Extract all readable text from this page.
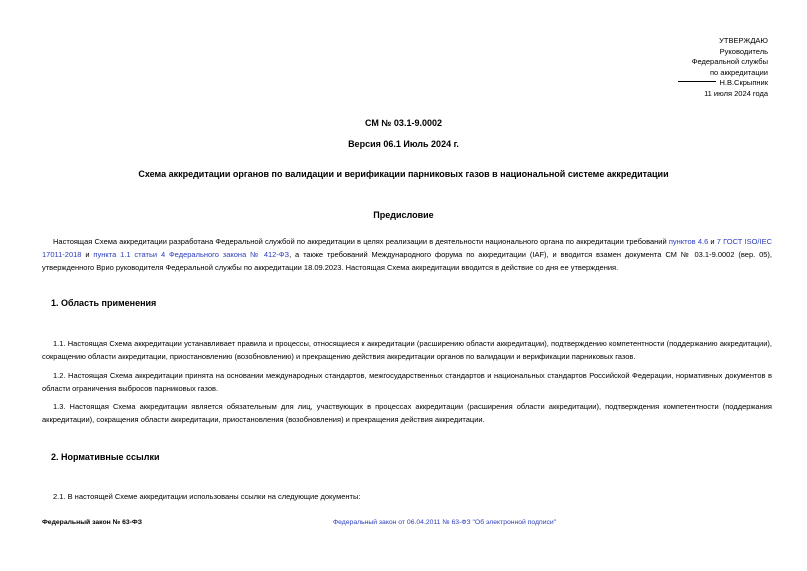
УТВЕРЖДАЮ
Руководитель
Федеральной службы
по аккредитации
Н.В.Скрыпник
11 июля 2024 года
СМ № 03.1-9.0002
Версия 06.1 Июль 2024 г.
Схема аккредитации органов по валидации и верификации парниковых газов в национальной системе аккредитации
Предисловие
Настоящая Схема аккредитации разработана Федеральной службой по аккредитации в целях реализации в деятельности национального органа по аккредитации требований пунктов 4.6 и 7 ГОСТ ISO/IEC 17011-2018 и пункта 1.1 статьи 4 Федерального закона № 412-ФЗ, а также требований Международного форума по аккредитации (IAF), и вводится взамен документа СМ № 03.1-9.0002 (вер. 05), утвержденного Врио руководителя Федеральной службы по аккредитации 18.09.2023. Настоящая Схема аккредитации вводится в действие со дня ее утверждения.
1. Область применения
1.1. Настоящая Схема аккредитации устанавливает правила и процессы, относящиеся к аккредитации (расширению области аккредитации), подтверждению компетентности (поддержанию аккредитации), сокращению области аккредитации, приостановлению (возобновлению) и прекращению действия аккредитации органов по валидации и верификации парниковых газов.
1.2. Настоящая Схема аккредитации принята на основании международных стандартов, межгосударственных стандартов и национальных стандартов Российской Федерации, нормативных документов в области ограничения выбросов парниковых газов.
1.3. Настоящая Схема аккредитации является обязательным для лиц, участвующих в процессах аккредитации (расширения области аккредитации), подтверждения компетентности (поддержания аккредитации), сокращения области аккредитации, приостановления (возобновления) и прекращения действия аккредитации.
2. Нормативные ссылки
2.1. В настоящей Схеме аккредитации использованы ссылки на следующие документы:
Федеральный закон № 63-ФЗ	Федеральный закон от 06.04.2011 № 63-ФЗ "Об электронной подписи"
